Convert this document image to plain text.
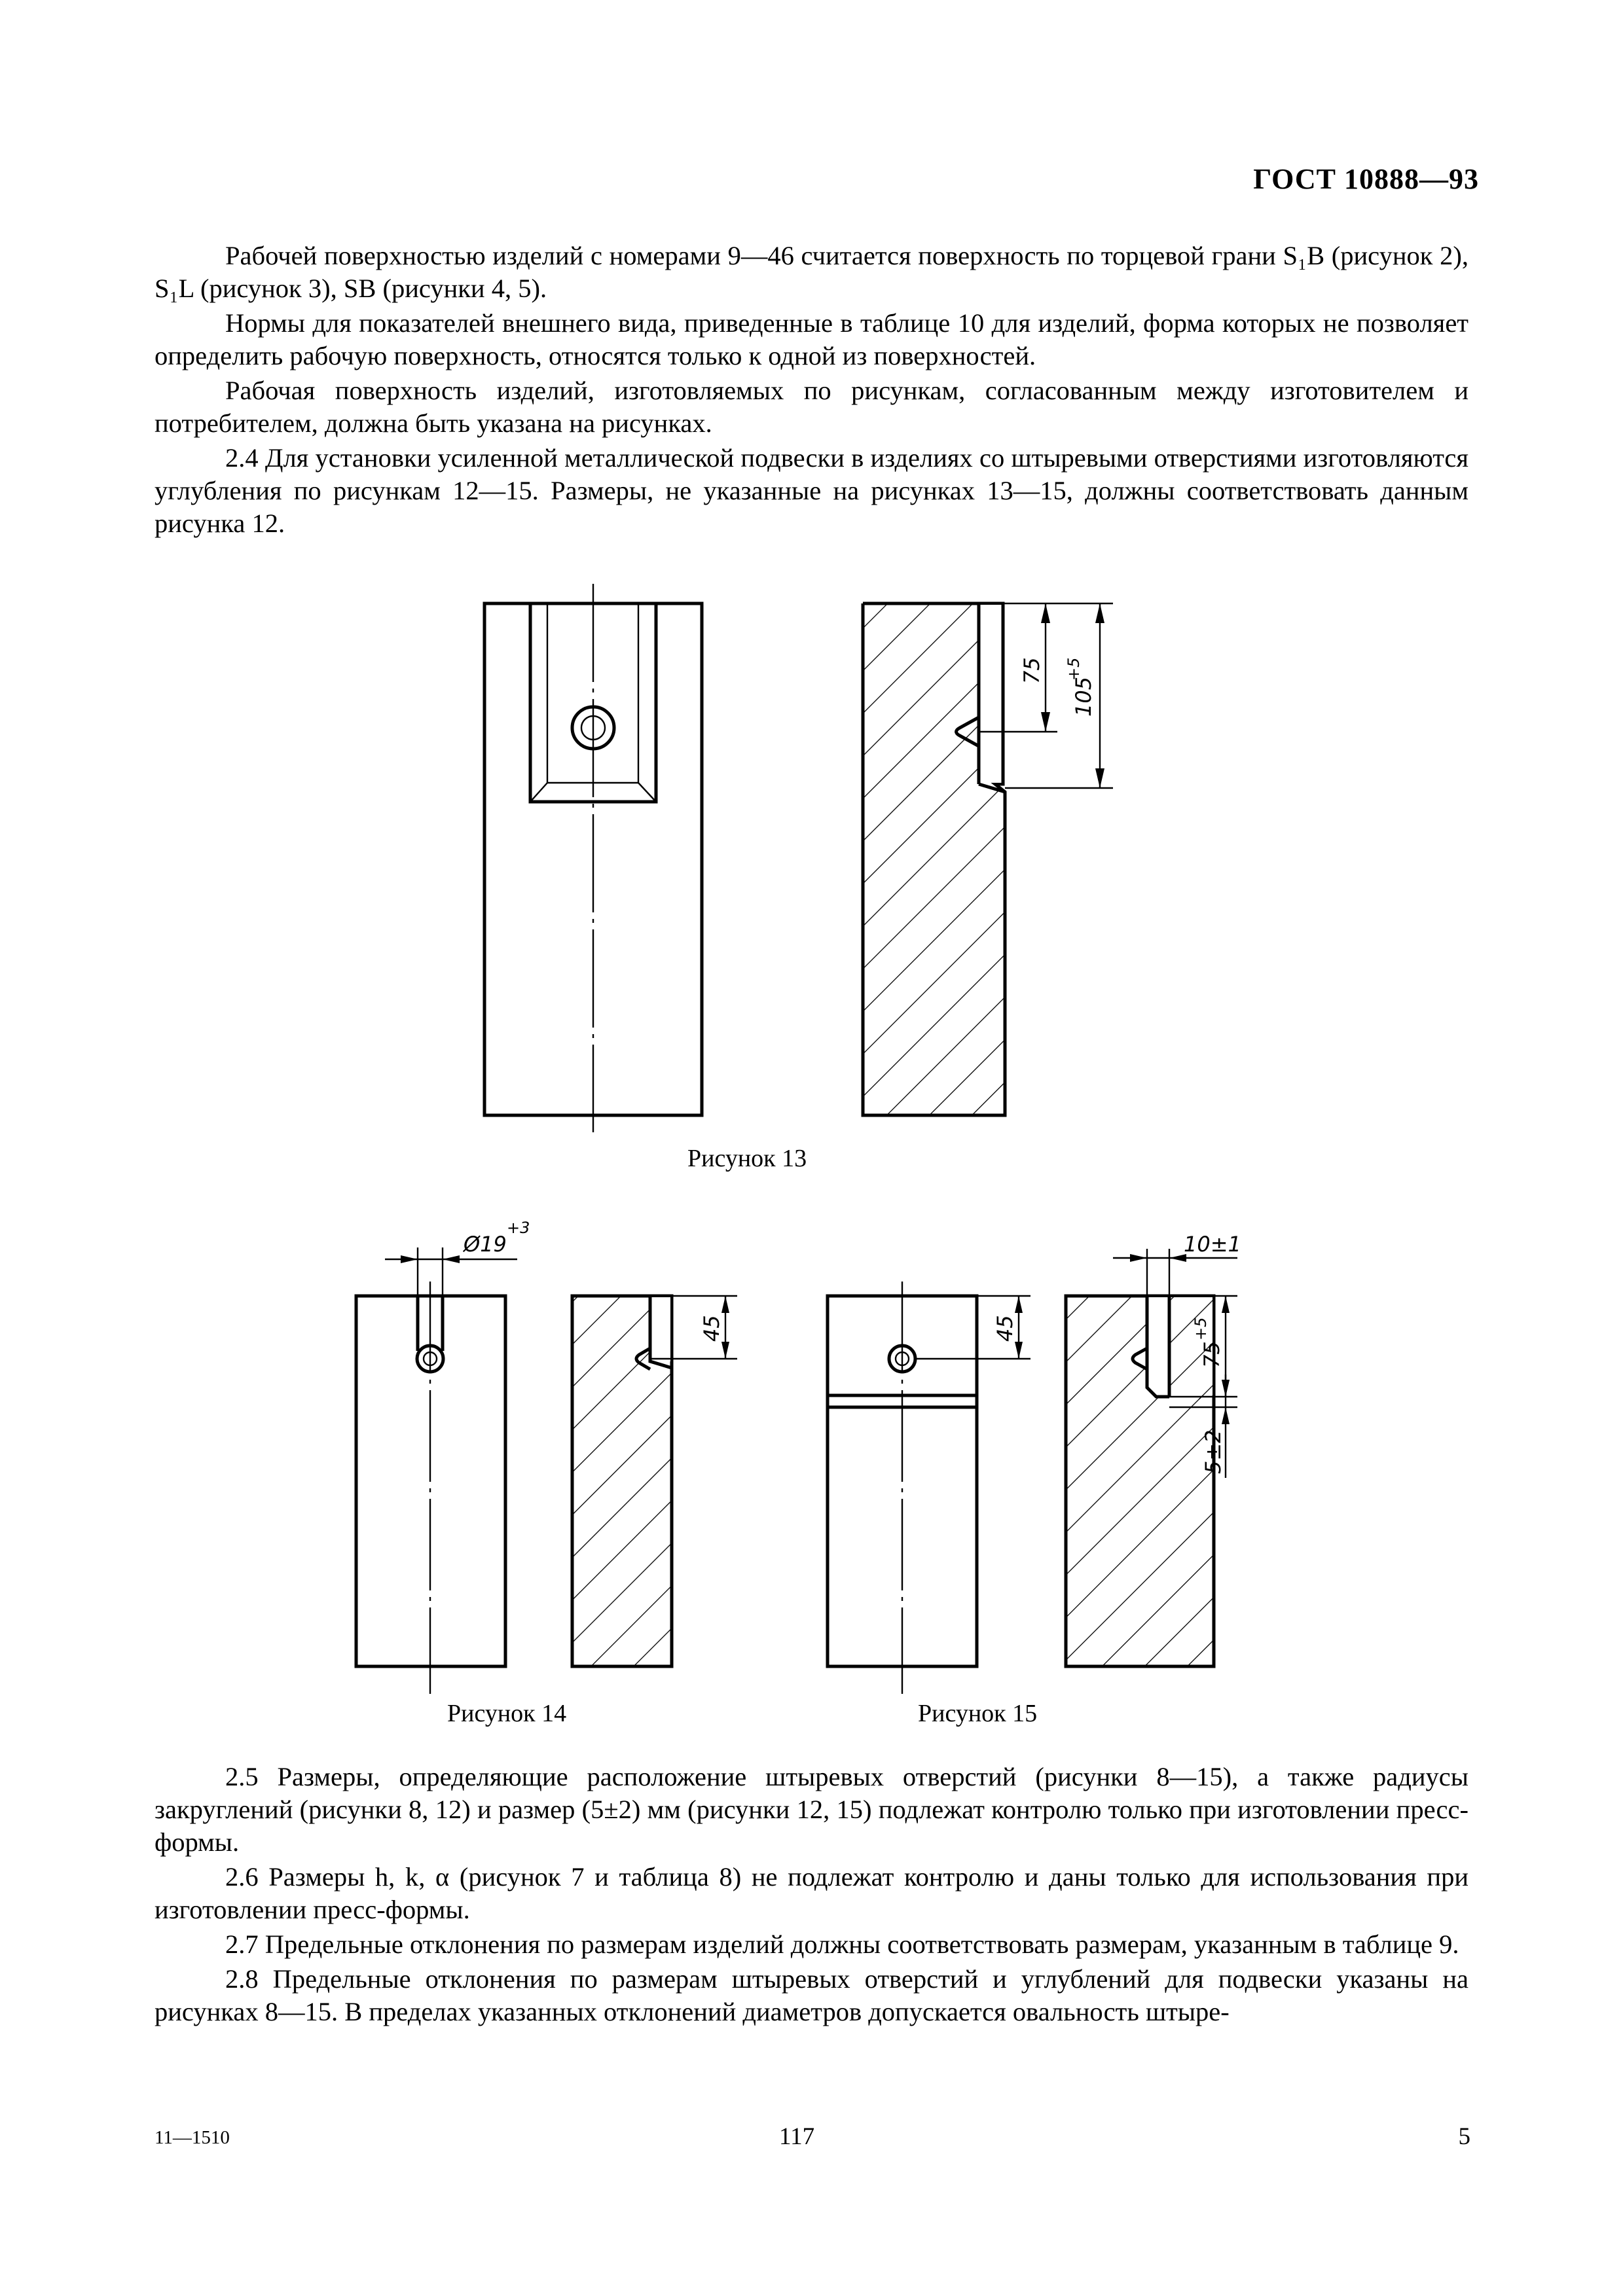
ГОСТ 10888—93

Рабочей поверхностью изделий с номерами 9—46 считается поверхность по торцевой грани S₁B (рисунок 2), S₁L (рисунок 3), SB (рисунки 4, 5).

Нормы для показателей внешнего вида, приведенные в таблице 10 для изделий, форма которых не позволяет определить рабочую поверхность, относятся только к одной из поверхностей.

Рабочая поверхность изделий, изготовляемых по рисункам, согласованным между изготовителем и потребителем, должна быть указана на рисунках.

2.4 Для установки усиленной металлической подвески в изделиях со штыревыми отверстиями изготовляются углубления по рисункам 12—15. Размеры, не указанные на рисунках 13—15, должны соответствовать данным рисунка 12.

75
105
+5
Ø19
+3
45	45
10±1
75
+5
5±2
Рисунок 13
Рисунок 14	Рисунок 15

2.5 Размеры, определяющие расположение штыревых отверстий (рисунки 8—15), а также радиусы закруглений (рисунки 8, 12) и размер (5±2) мм (рисунки 12, 15) подлежат контролю только при изготовлении пресс-формы.

2.6 Размеры h, k, α (рисунок 7 и таблица 8) не подлежат контролю и даны только для использования при изготовлении пресс-формы.

2.7 Предельные отклонения по размерам изделий должны соответствовать размерам, указанным в таблице 9.

2.8 Предельные отклонения по размерам штыревых отверстий и углублений для подвески указаны на рисунках 8—15. В пределах указанных отклонений диаметров допускается овальность штыре-

11—1510	117	5
